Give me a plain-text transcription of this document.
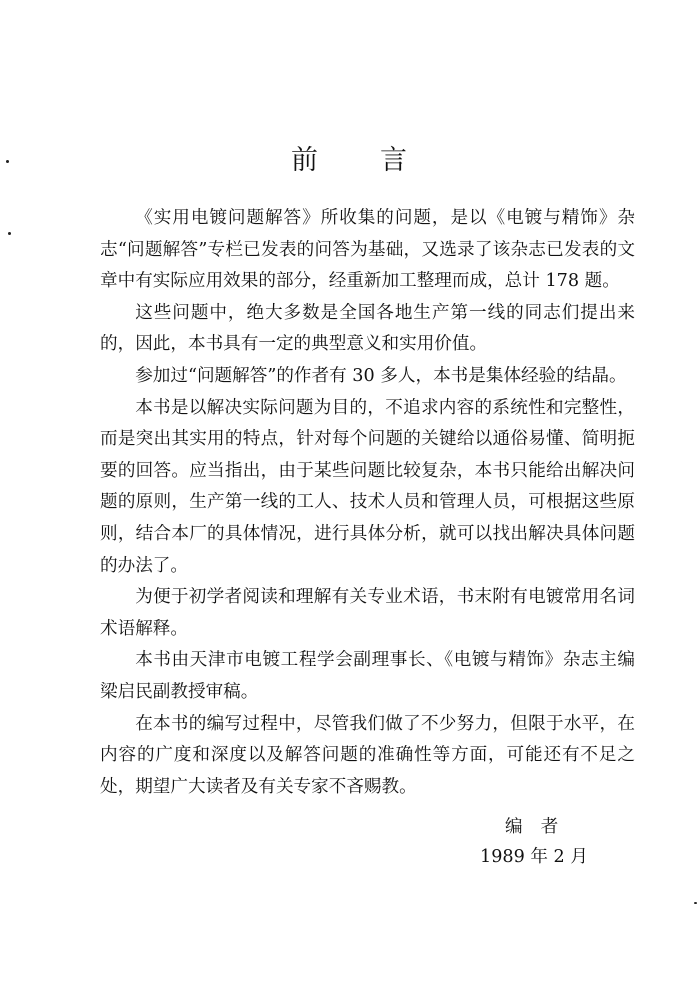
前 言

《实用电镀问题解答》所收集的问题，是以《电镀与精饰》杂志“问题解答”专栏已发表的问答为基础，又选录了该杂志已发表的文章中有实际应用效果的部分，经重新加工整理而成，总计 178 题。

这些问题中，绝大多数是全国各地生产第一线的同志们提出来的，因此，本书具有一定的典型意义和实用价值。

参加过“问题解答”的作者有 30 多人，本书是集体经验的结晶。

本书是以解决实际问题为目的，不追求内容的系统性和完整性，而是突出其实用的特点，针对每个问题的关键给以通俗易懂、简明扼要的回答。应当指出，由于某些问题比较复杂，本书只能给出解决问题的原则，生产第一线的工人、技术人员和管理人员，可根据这些原则，结合本厂的具体情况，进行具体分析，就可以找出解决具体问题的办法了。

为便于初学者阅读和理解有关专业术语，书末附有电镀常用名词术语解释。

本书由天津市电镀工程学会副理事长、《电镀与精饰》杂志主编梁启民副教授审稿。

在本书的编写过程中，尽管我们做了不少努力，但限于水平，在内容的广度和深度以及解答问题的准确性等方面，可能还有不足之处，期望广大读者及有关专家不吝赐教。

编者
1989 年 2 月
